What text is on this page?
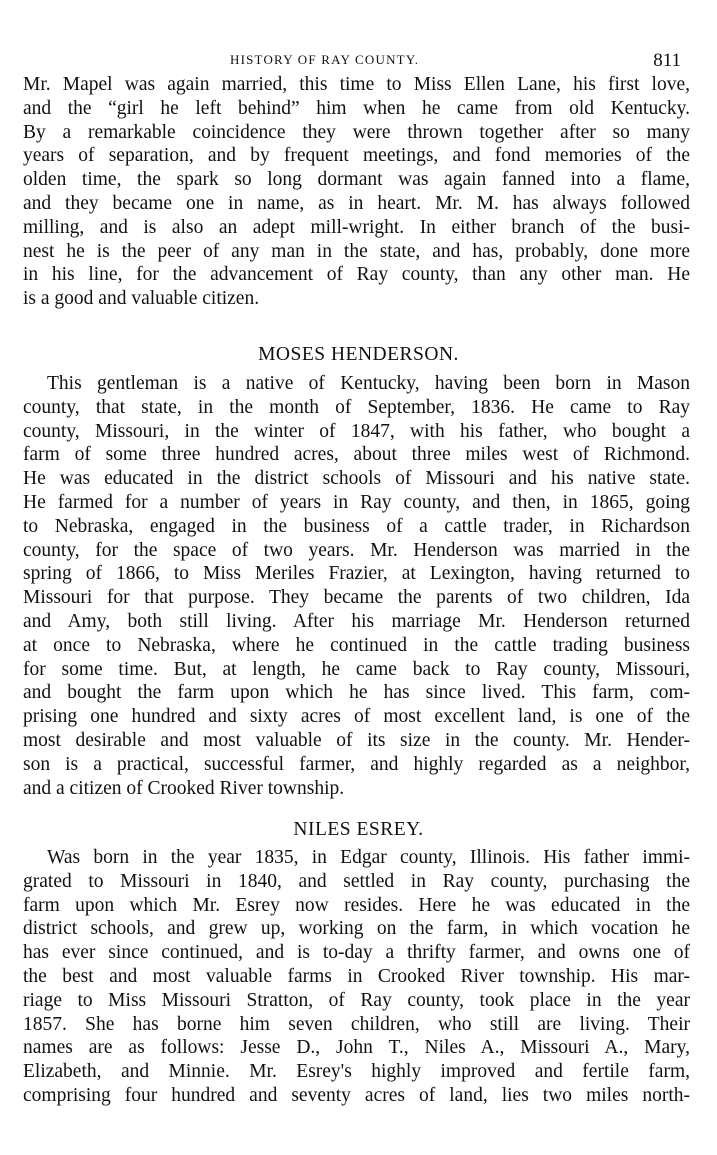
HISTORY OF RAY COUNTY.	811
Mr. Mapel was again married, this time to Miss Ellen Lane, his first love,
and the “girl he left behind” him when he came from old Kentucky.
By a remarkable coincidence they were thrown together after so many
years of separation, and by frequent meetings, and fond memories of the
olden time, the spark so long dormant was again fanned into a flame,
and they became one in name, as in heart. Mr. M. has always followed
milling, and is also an adept mill-wright. In either branch of the busi-
nest he is the peer of any man in the state, and has, probably, done more
in his line, for the advancement of Ray county, than any other man. He
is a good and valuable citizen.
MOSES HENDERSON.
This gentleman is a native of Kentucky, having been born in Mason
county, that state, in the month of September, 1836. He came to Ray
county, Missouri, in the winter of 1847, with his father, who bought a
farm of some three hundred acres, about three miles west of Richmond.
He was educated in the district schools of Missouri and his native state.
He farmed for a number of years in Ray county, and then, in 1865, going
to Nebraska, engaged in the business of a cattle trader, in Richardson
county, for the space of two years. Mr. Henderson was married in the
spring of 1866, to Miss Meriles Frazier, at Lexington, having returned to
Missouri for that purpose. They became the parents of two children, Ida
and Amy, both still living. After his marriage Mr. Henderson returned
at once to Nebraska, where he continued in the cattle trading business
for some time. But, at length, he came back to Ray county, Missouri,
and bought the farm upon which he has since lived. This farm, com-
prising one hundred and sixty acres of most excellent land, is one of the
most desirable and most valuable of its size in the county. Mr. Hender-
son is a practical, successful farmer, and highly regarded as a neighbor,
and a citizen of Crooked River township.
NILES ESREY.
Was born in the year 1835, in Edgar county, Illinois. His father immi-
grated to Missouri in 1840, and settled in Ray county, purchasing the
farm upon which Mr. Esrey now resides. Here he was educated in the
district schools, and grew up, working on the farm, in which vocation he
has ever since continued, and is to-day a thrifty farmer, and owns one of
the best and most valuable farms in Crooked River township. His mar-
riage to Miss Missouri Stratton, of Ray county, took place in the year
1857. She has borne him seven children, who still are living. Their
names are as follows: Jesse D., John T., Niles A., Missouri A., Mary,
Elizabeth, and Minnie. Mr. Esrey's highly improved and fertile farm,
comprising four hundred and seventy acres of land, lies two miles north-
